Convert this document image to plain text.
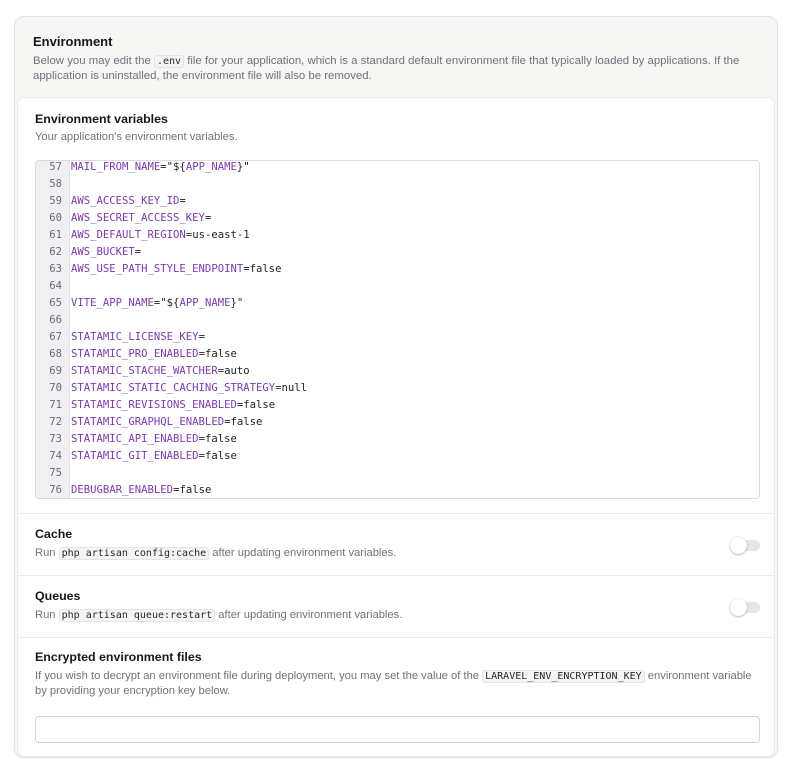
Environment
Below you may edit the .env file for your application, which is a standard default environment file that typically loaded by applications. If the application is uninstalled, the environment file will also be removed.
Environment variables
Your application's environment variables.
57 MAIL_FROM_NAME="${APP_NAME}"
58
59 AWS_ACCESS_KEY_ID=
60 AWS_SECRET_ACCESS_KEY=
61 AWS_DEFAULT_REGION=us-east-1
62 AWS_BUCKET=
63 AWS_USE_PATH_STYLE_ENDPOINT=false
64
65 VITE_APP_NAME="${APP_NAME}"
66
67 STATAMIC_LICENSE_KEY=
68 STATAMIC_PRO_ENABLED=false
69 STATAMIC_STACHE_WATCHER=auto
70 STATAMIC_STATIC_CACHING_STRATEGY=null
71 STATAMIC_REVISIONS_ENABLED=false
72 STATAMIC_GRAPHQL_ENABLED=false
73 STATAMIC_API_ENABLED=false
74 STATAMIC_GIT_ENABLED=false
75
76 DEBUGBAR_ENABLED=false
Cache
Run php artisan config:cache after updating environment variables.
Queues
Run php artisan queue:restart after updating environment variables.
Encrypted environment files
If you wish to decrypt an environment file during deployment, you may set the value of the LARAVEL_ENV_ENCRYPTION_KEY environment variable by providing your encryption key below.
